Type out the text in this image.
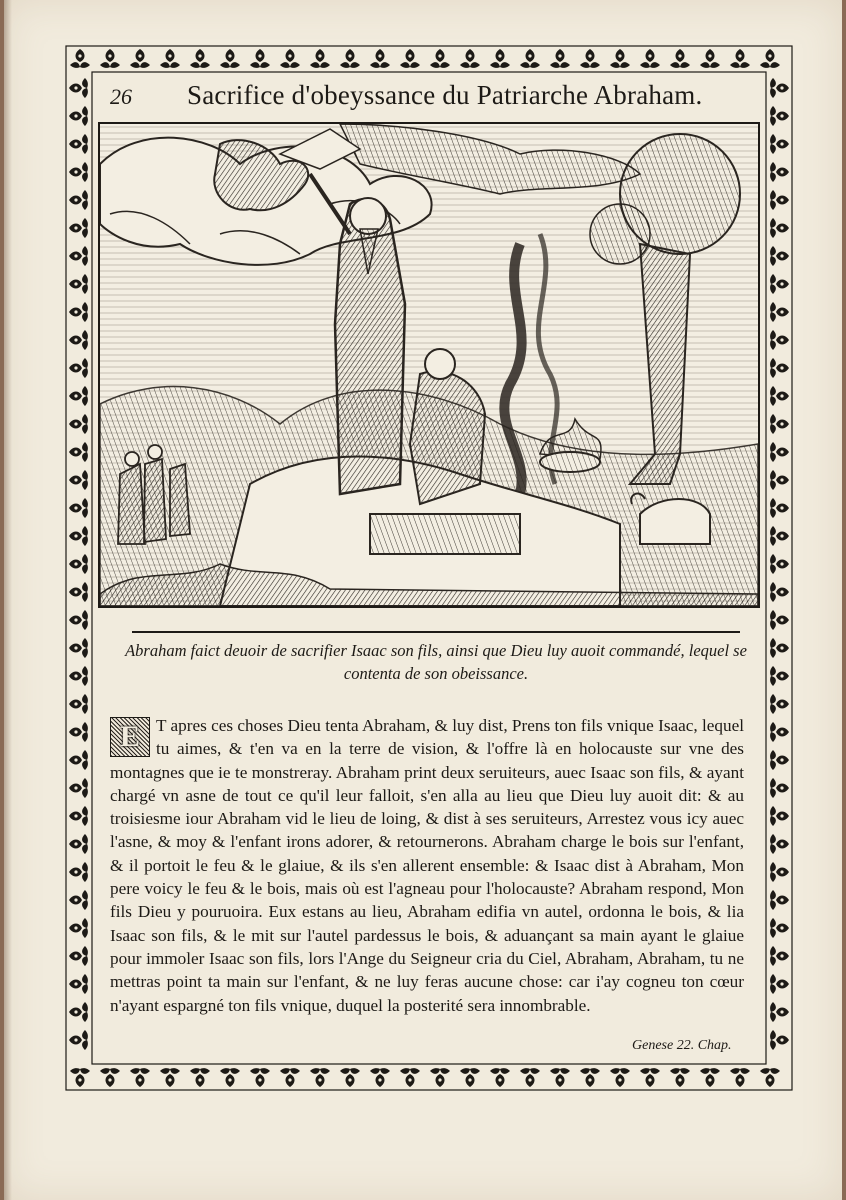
26 Sacrifice d'obeyssance du Patriarche Abraham.
Abraham faict deuoir de sacrifier Isaac son fils, ainsi que Dieu luy auoit commandé, lequel se contenta de son obeissance.
E T apres ces choses Dieu tenta Abraham, & luy dist, Prens ton fils vnique Isaac, lequel tu aimes, & t'en va en la terre de vision, & l'offre là en holocauste sur vne des montagnes que ie te monstreray. Abraham print deux seruiteurs, auec Isaac son fils, & ayant chargé vn asne de tout ce qu'il leur falloit, s'en alla au lieu que Dieu luy auoit dit: & au troisiesme iour Abraham vid le lieu de loing, & dist à ses seruiteurs, Arrestez vous icy auec l'asne, & moy & l'enfant irons adorer, & retournerons. Abraham charge le bois sur l'enfant, & il portoit le feu & le glaiue, & ils s'en allerent ensemble: & Isaac dist à Abraham, Mon pere voicy le feu & le bois, mais où est l'agneau pour l'holocauste? Abraham respond, Mon fils Dieu y pouruoira. Eux estans au lieu, Abraham edifia vn autel, ordonna le bois, & lia Isaac son fils, & le mit sur l'autel pardessus le bois, & aduançant sa main ayant le glaiue pour immoler Isaac son fils, lors l'Ange du Seigneur cria du Ciel, Abraham, Abraham, tu ne mettras point ta main sur l'enfant, & ne luy feras aucune chose: car i'ay cogneu ton cœur n'ayant espargné ton fils vnique, duquel la posterité sera innombrable.
Genese 22. Chap.
